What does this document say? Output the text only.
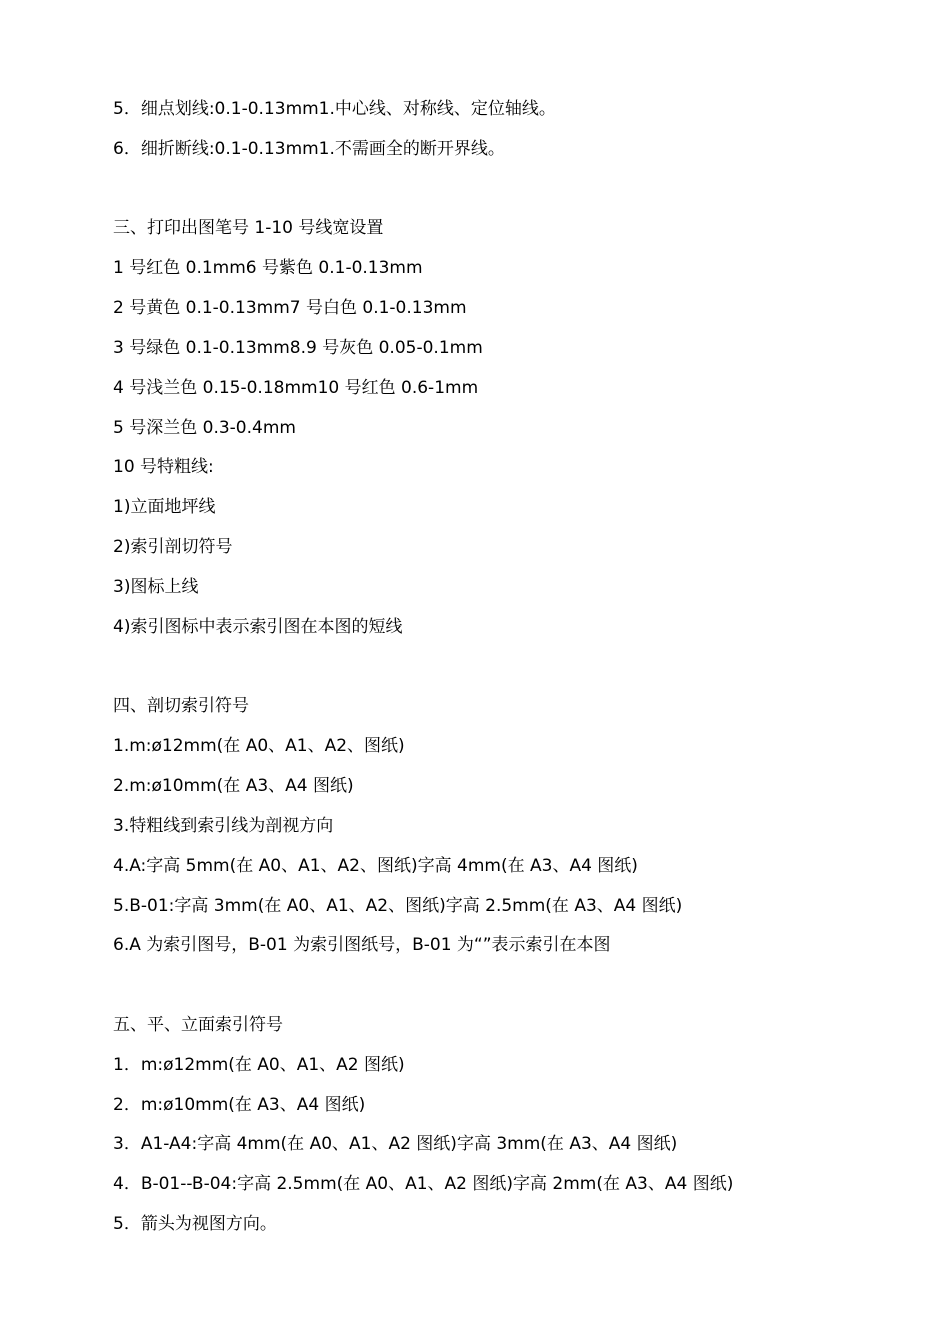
5．细点划线:0.1-0.13mm1.中心线、对称线、定位轴线。
6．细折断线:0.1-0.13mm1.不需画全的断开界线。
三、打印出图笔号 1-10 号线宽设置
1 号红色 0.1mm6 号紫色 0.1-0.13mm
2 号黄色 0.1-0.13mm7 号白色 0.1-0.13mm
3 号绿色 0.1-0.13mm8.9 号灰色 0.05-0.1mm
4 号浅兰色 0.15-0.18mm10 号红色 0.6-1mm
5 号深兰色 0.3-0.4mm
10 号特粗线:
1)立面地坪线
2)索引剖切符号
3)图标上线
4)索引图标中表示索引图在本图的短线
四、剖切索引符号
1.m:ø12mm(在 A0、A1、A2、图纸)
2.m:ø10mm(在 A3、A4 图纸)
3.特粗线到索引线为剖视方向
4.A:字高 5mm(在 A0、A1、A2、图纸)字高 4mm(在 A3、A4 图纸)
5.B-01:字高 3mm(在 A0、A1、A2、图纸)字高 2.5mm(在 A3、A4 图纸)
6.A 为索引图号，B-01 为索引图纸号，B-01 为“”表示索引在本图
五、平、立面索引符号
1．m:ø12mm(在 A0、A1、A2 图纸)
2．m:ø10mm(在 A3、A4 图纸)
3．A1-A4:字高 4mm(在 A0、A1、A2 图纸)字高 3mm(在 A3、A4 图纸)
4．B-01--B-04:字高 2.5mm(在 A0、A1、A2 图纸)字高 2mm(在 A3、A4 图纸)
5．箭头为视图方向。
